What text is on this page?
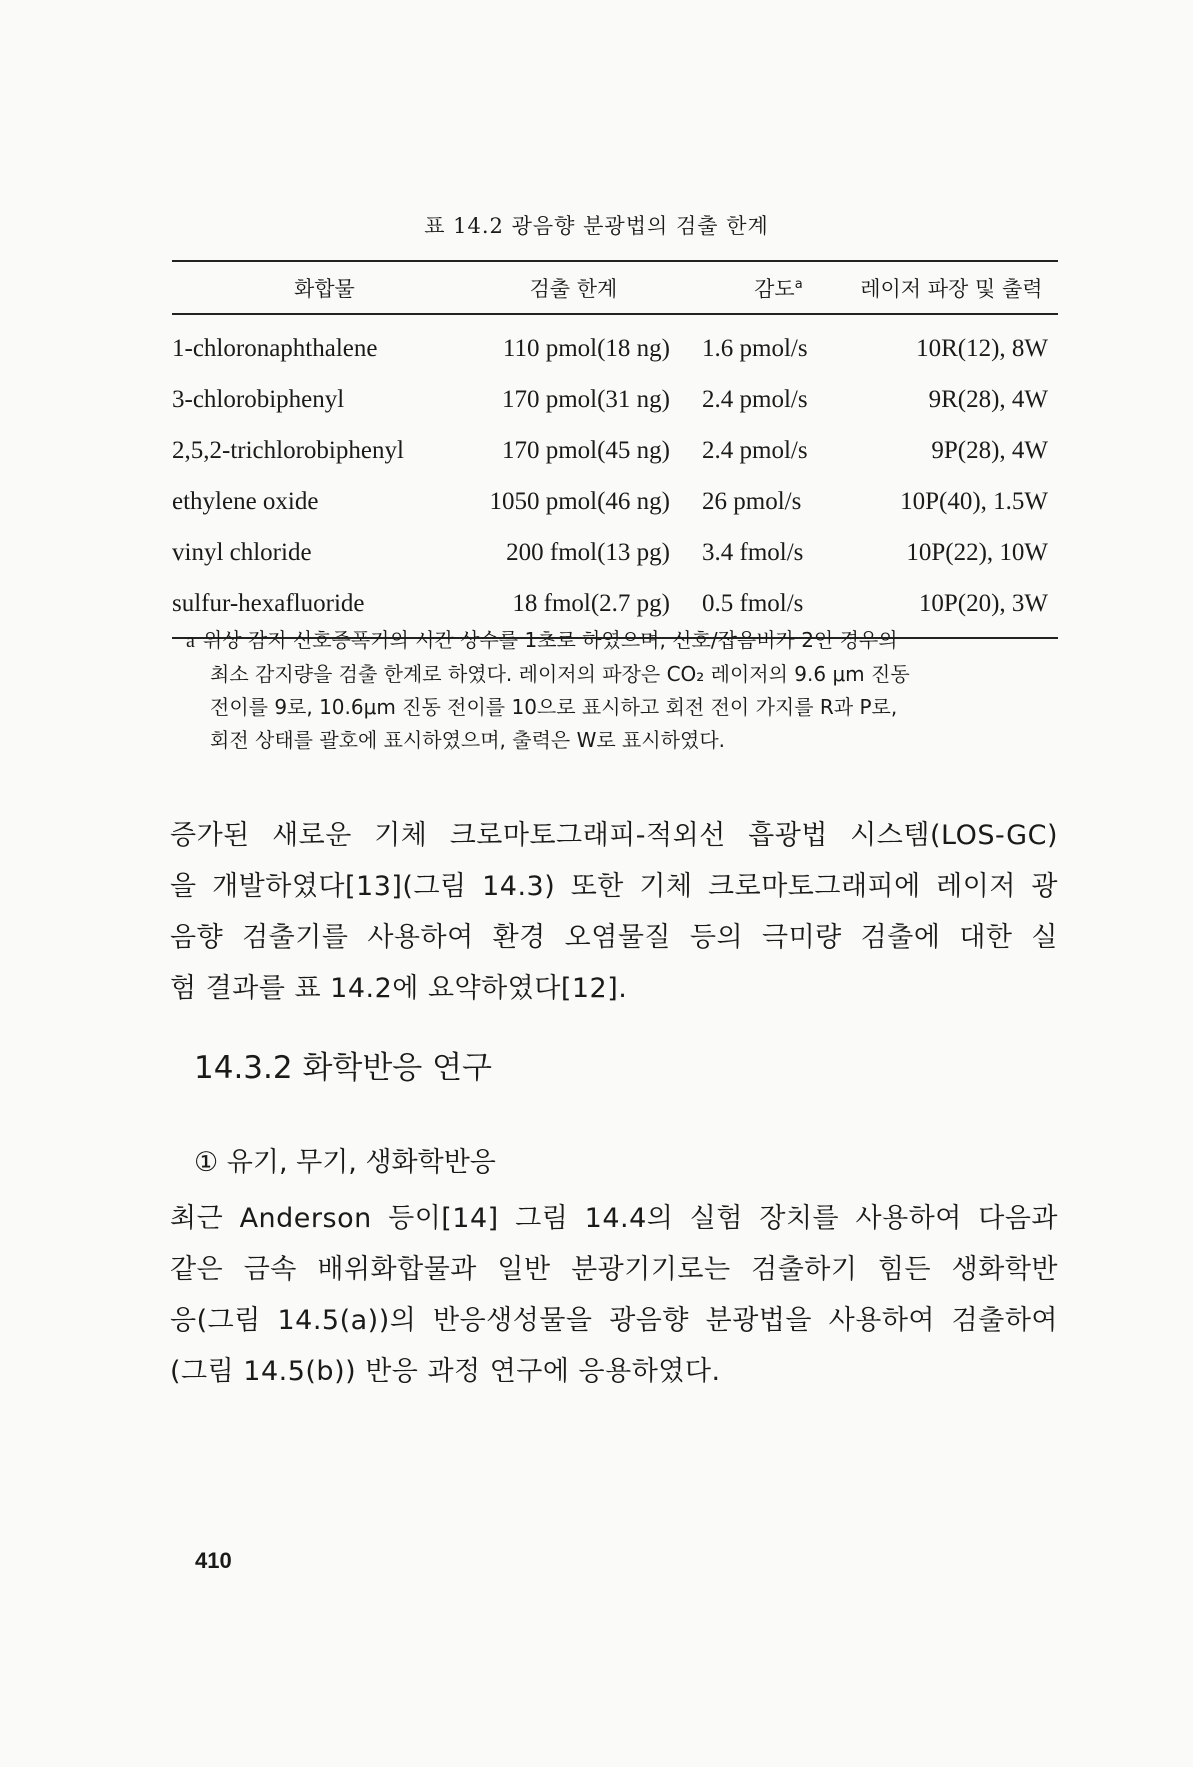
표 14.2 광음향 분광법의 검출 한계
화합물	검출 한계	감도$^a$	레이저 파장 및 출력
1-chloronaphthalene	110 pmol(18 ng)	1.6 pmol/s	10R(12), 8W
3-chlorobiphenyl	170 pmol(31 ng)	2.4 pmol/s	9R(28), 4W
2,5,2-trichlorobiphenyl	170 pmol(45 ng)	2.4 pmol/s	9P(28), 4W
ethylene oxide	1050 pmol(46 ng)	26 pmol/s	10P(40), 1.5W
vinyl chloride	200 fmol(13 pg)	3.4 fmol/s	10P(22), 10W
sulfur-hexafluoride	18 fmol(2.7 pg)	0.5 fmol/s	10P(20), 3W
a 위상 감지 신호증폭기의 시간 상수를 1초로 하였으며, 신호/잡음비가 2인 경우의
최소 감지량을 검출 한계로 하였다. 레이저의 파장은 CO₂ 레이저의 9.6 μm 진동
전이를 9로, 10.6μm 진동 전이를 10으로 표시하고 회전 전이 가지를 R과 P로,
회전 상태를 괄호에 표시하였으며, 출력은 W로 표시하였다.
증가된 새로운 기체 크로마토그래피-적외선 흡광법 시스템(LOS-GC)
을 개발하였다[13](그림 14.3) 또한 기체 크로마토그래피에 레이저 광
음향 검출기를 사용하여 환경 오염물질 등의 극미량 검출에 대한 실
험 결과를 표 14.2에 요약하였다[12].
14.3.2 화학반응 연구
① 유기, 무기, 생화학반응
최근 Anderson 등이[14] 그림 14.4의 실험 장치를 사용하여 다음과
같은 금속 배위화합물과 일반 분광기기로는 검출하기 힘든 생화학반
응(그림 14.5(a))의 반응생성물을 광음향 분광법을 사용하여 검출하여
(그림 14.5(b)) 반응 과정 연구에 응용하였다.
410
